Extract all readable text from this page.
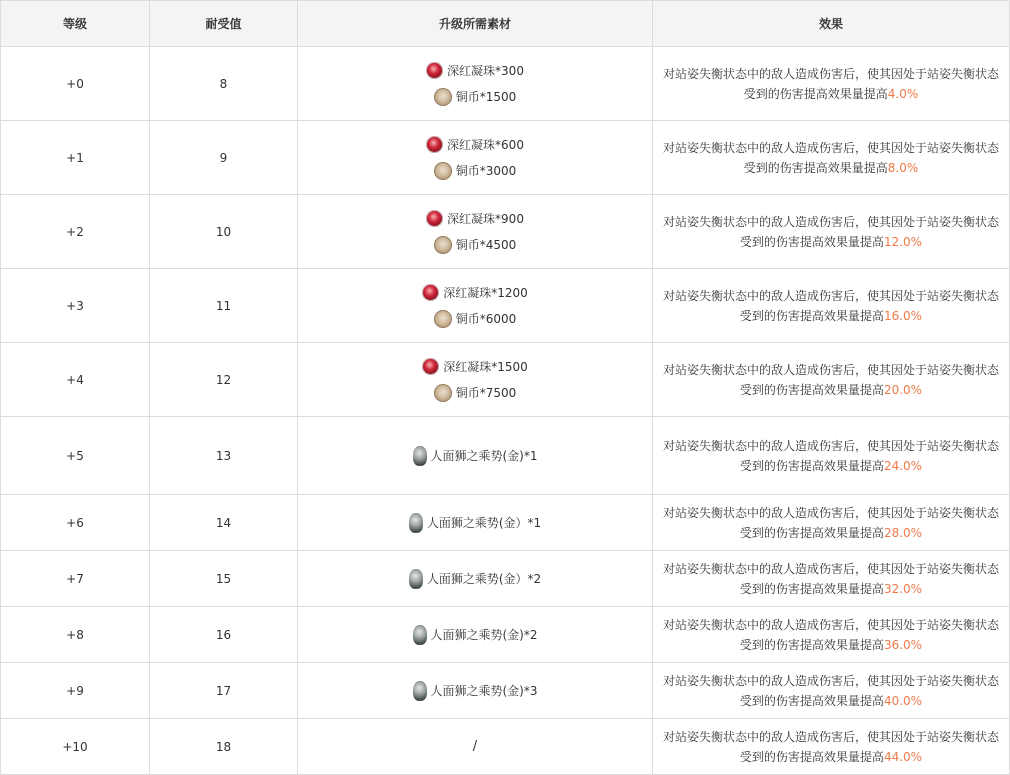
等级	耐受值	升级所需素材	效果
+0	8	深红凝珠*300
铜币*1500	对站姿失衡状态中的敌人造成伤害后，使其因处于站姿失衡状态受到的伤害提高效果量提高4.0%

+1	9	深红凝珠*600
铜币*3000	对站姿失衡状态中的敌人造成伤害后，使其因处于站姿失衡状态受到的伤害提高效果量提高8.0%

+2	10	深红凝珠*900
铜币*4500	对站姿失衡状态中的敌人造成伤害后，使其因处于站姿失衡状态受到的伤害提高效果量提高12.0%

+3	11	深红凝珠*1200
铜币*6000	对站姿失衡状态中的敌人造成伤害后，使其因处于站姿失衡状态受到的伤害提高效果量提高16.0%

+4	12	深红凝珠*1500
铜币*7500	对站姿失衡状态中的敌人造成伤害后，使其因处于站姿失衡状态受到的伤害提高效果量提高20.0%

+5	13	人面狮之乘势(金)*1	对站姿失衡状态中的敌人造成伤害后，使其因处于站姿失衡状态受到的伤害提高效果量提高24.0%

+6	14	人面狮之乘势(金）*1	对站姿失衡状态中的敌人造成伤害后，使其因处于站姿失衡状态受到的伤害提高效果量提高28.0%

+7	15	人面狮之乘势(金）*2	对站姿失衡状态中的敌人造成伤害后，使其因处于站姿失衡状态受到的伤害提高效果量提高32.0%

+8	16	人面狮之乘势(金)*2	对站姿失衡状态中的敌人造成伤害后，使其因处于站姿失衡状态受到的伤害提高效果量提高36.0%

+9	17	人面狮之乘势(金)*3	对站姿失衡状态中的敌人造成伤害后，使其因处于站姿失衡状态受到的伤害提高效果量提高40.0%

+10	18	/	对站姿失衡状态中的敌人造成伤害后，使其因处于站姿失衡状态受到的伤害提高效果量提高44.0%
